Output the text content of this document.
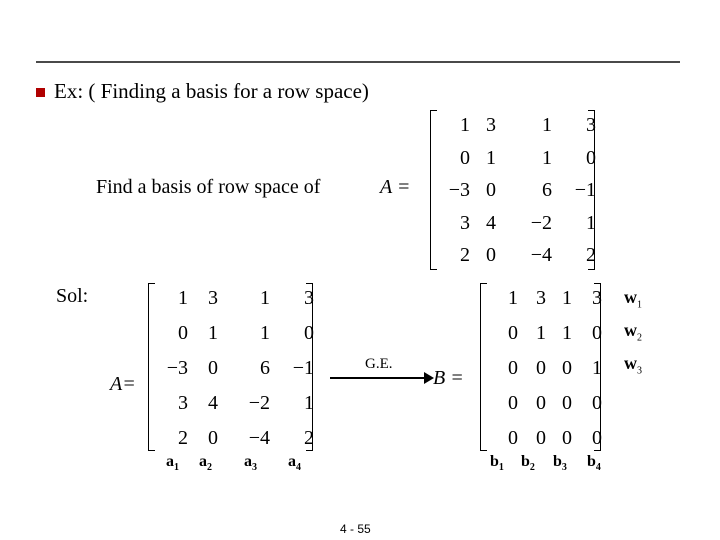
Ex: ( Finding a basis for a row space)
Find a basis of row space of	A =
1 3	1	3
0 1	1	0
−3 0	6	−1
3 4	−2	1
2 0	−4	2
Sol:
A=
1	3	1	3
0	1	1	0
−3	0	6	−1
3	4	−2	1
2	0	−4	2
G.E.
B =
1 3 1	3
0 1 1	0
0 0 0	1
0 0 0	0
0 0 0	0
$a_1$ $a_2$ $a_3$ $a_4$	$b_1$ $b_2$ $b_3$ $b_4$
$w_1$
$w_2$
$w_3$
4 - 55
